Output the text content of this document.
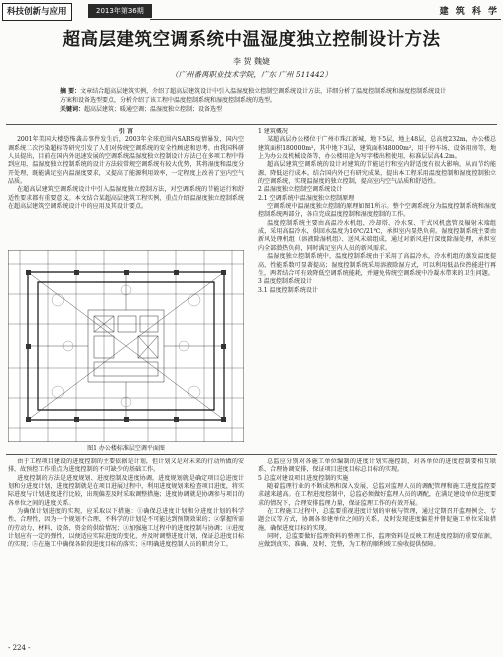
科技创新与应用	2013年第36期	建 筑 科 学
超高层建筑空调系统中温湿度独立控制设计方法
李 贺 魏婕
（广州番禺职业技术学院，广东 广州 511442）
摘 要：文章结合超高层建筑实例，介绍了超高层建筑设计中引入温湿度独立控制空调系统设计方法，详细分析了温度控制系统和湿度控制系统设计方案和设备选型要点，分析介绍了该工程中温度控制系统和湿度控制系统的选型。
关键词：超高层建筑；暖通空调；温湿度独立控制；设备选型

引 言

2001年美国大楼恐怖袭击事件发生后，2003年全球范围内SARS疫情暴发，国内空调系统二次污染超标等研究引发了人们对传统空调系统的安全性顾虑和思考。由我国科研人员提出，目前在国内外迅速发展的空调系统温湿度独立控制设计方法已在多项工程中得到应用，温湿度独立控制系统的设计方法较常规空调系统有较大优势，其将湿度和温度分开处理，既能满足室内温湿度要求，又提高了能源利用效率，一定程度上改善了室内空气品质。

在超高层建筑空调系统设计中引入温湿度独立控制方法，对空调系统的节能运行和舒适性要求都有重要意义。本文结合某超高层建筑工程实例，重点介绍温湿度独立控制系统在超高层建筑空调系统设计中的应用及其设计要点。

图1 办公楼标准层空调平面图

1 建筑概况

某超高层办公楼位于广州市珠江新城，地下5层，地上48层，总高度232m，办公楼总建筑面积180000m²，其中地下3层，建筑面积48000m²，用于停车场、设备用房等，地上为办公及机械设备等，办公楼用途为写字楼出租使用，标准层层高4.2m。

超高层建筑空调系统的设计对建筑的节能运行和室内舒适度有很大影响，从而节约能源、降低运行成本。结合国内外已有研究成果，提出本工程采用温度控制和湿度控制独立的空调系统，实现温湿度的独立控制，提高室内空气品质和舒适性。

2 温湿度独立控制空调系统设计

2.1 空调系统中温湿度独立控制原理

空调系统中温湿度独立控制的原理如图1所示。整个空调系统分为温度控制系统和湿度控制系统两部分，各自完成温度控制和湿度控制的工作。

温度控制系统主要由高温冷水机组、冷却塔、冷水泵、干式风机盘管及辐射末端组成，采用高温冷水，供回水温度为16℃/21℃，承担室内显热负荷。湿度控制系统主要由新风处理机组（溶液除湿机组）、送风末端组成，通过对新风进行深度除湿处理，承担室内全部潜热负荷，同时满足室内人员的新风需求。

温湿度独立控制系统中，温度控制系统由于采用了高温冷水，冷水机组的蒸发温度提高，性能系数可显著提高；湿度控制系统采用溶液除湿方式，可以利用低品位热能进行再生，两者结合可有效降低空调系统能耗，并避免传统空调系统中冷凝水带来的卫生问题。

3 温度控制系统设计

3.1 温度控制系统设计

由于工程项目建设的进度控制的主要依据是计划，但计划又是对未来的行动所做的安排，故预控工作重点为进度控制的不可缺少的基础工作。

进度控制的方法是进度规划、进度控制及进度协调，进度规划就是确定项目总进度计划和分进度计划，进度控制就是在项目进展过程中，利用进度规划来检查项目进度，将实际进度与计划进度进行比较，出现偏差及时采取调整措施；进度协调就是协调参与项目的各单位之间的进度关系。

为确保计划进度的实现，应采取以下措施：①确保总进度计划和分进度计划的科学性、合理性，因为一个规划不合理、不科学的计划是不可能达到预期效果的；②掌握所需的劳动力、材料、设备、资金的供给情况；③加强施工过程中的进度控制与协调；④进度计划应有一定的弹性，以便适应实际进度的变化，并及时调整进度计划，保证总进度目标的实现；⑤在施工中确保各阶段进度目标的落实；⑥明确进度控制人员的职责分工。

总监应分别对各施工单位编制的进度计划实施控制，对各单位的进度控制要相互联系、合理协调安排，保证项目进度目标总目标的实现。

5 总监对建设项目进度控制的实施

随着监理行业的不断成熟和深入发展，总监对监理人员的调配管理和施工进度监控要求越来越高。在工程进度控制中，总监必须做好监理人员的调配，在满足建设单位进度要求的情况下，合理安排监理力量，保证监理工作的有效开展。

在工程施工过程中，总监要重视进度计划的审核与管理，通过定期召开监理例会、专题会议等方式，协调各参建单位之间的关系，及时发现进度偏差并督促施工单位采取措施，确保进度目标的实现。

同时，总监要做好监理资料的整理工作，监理资料是反映工程进度控制的重要依据，应做到真实、准确、及时、完整，为工程的顺利竣工验收提供保障。

- 224 -
